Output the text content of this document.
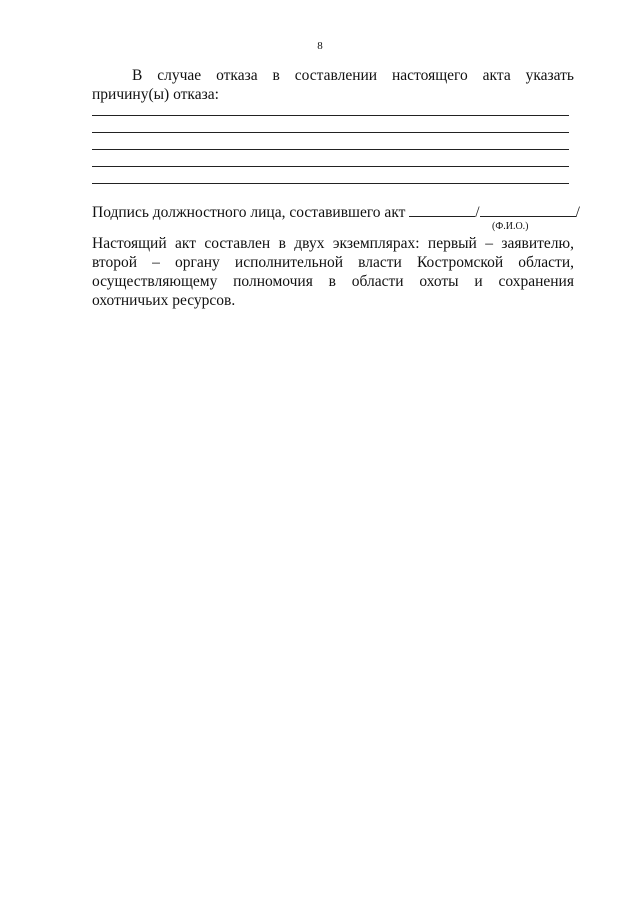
8

В случае отказа в составлении настоящего акта указать причину(ы) отказа:

Подпись должностного лица, составившего акт	/	/
(Ф.И.О.)

Настоящий акт составлен в двух экземплярах: первый – заявителю, второй – органу исполнительной власти Костромской области, осуществляющему полномочия в области охоты и сохранения охотничьих ресурсов.
